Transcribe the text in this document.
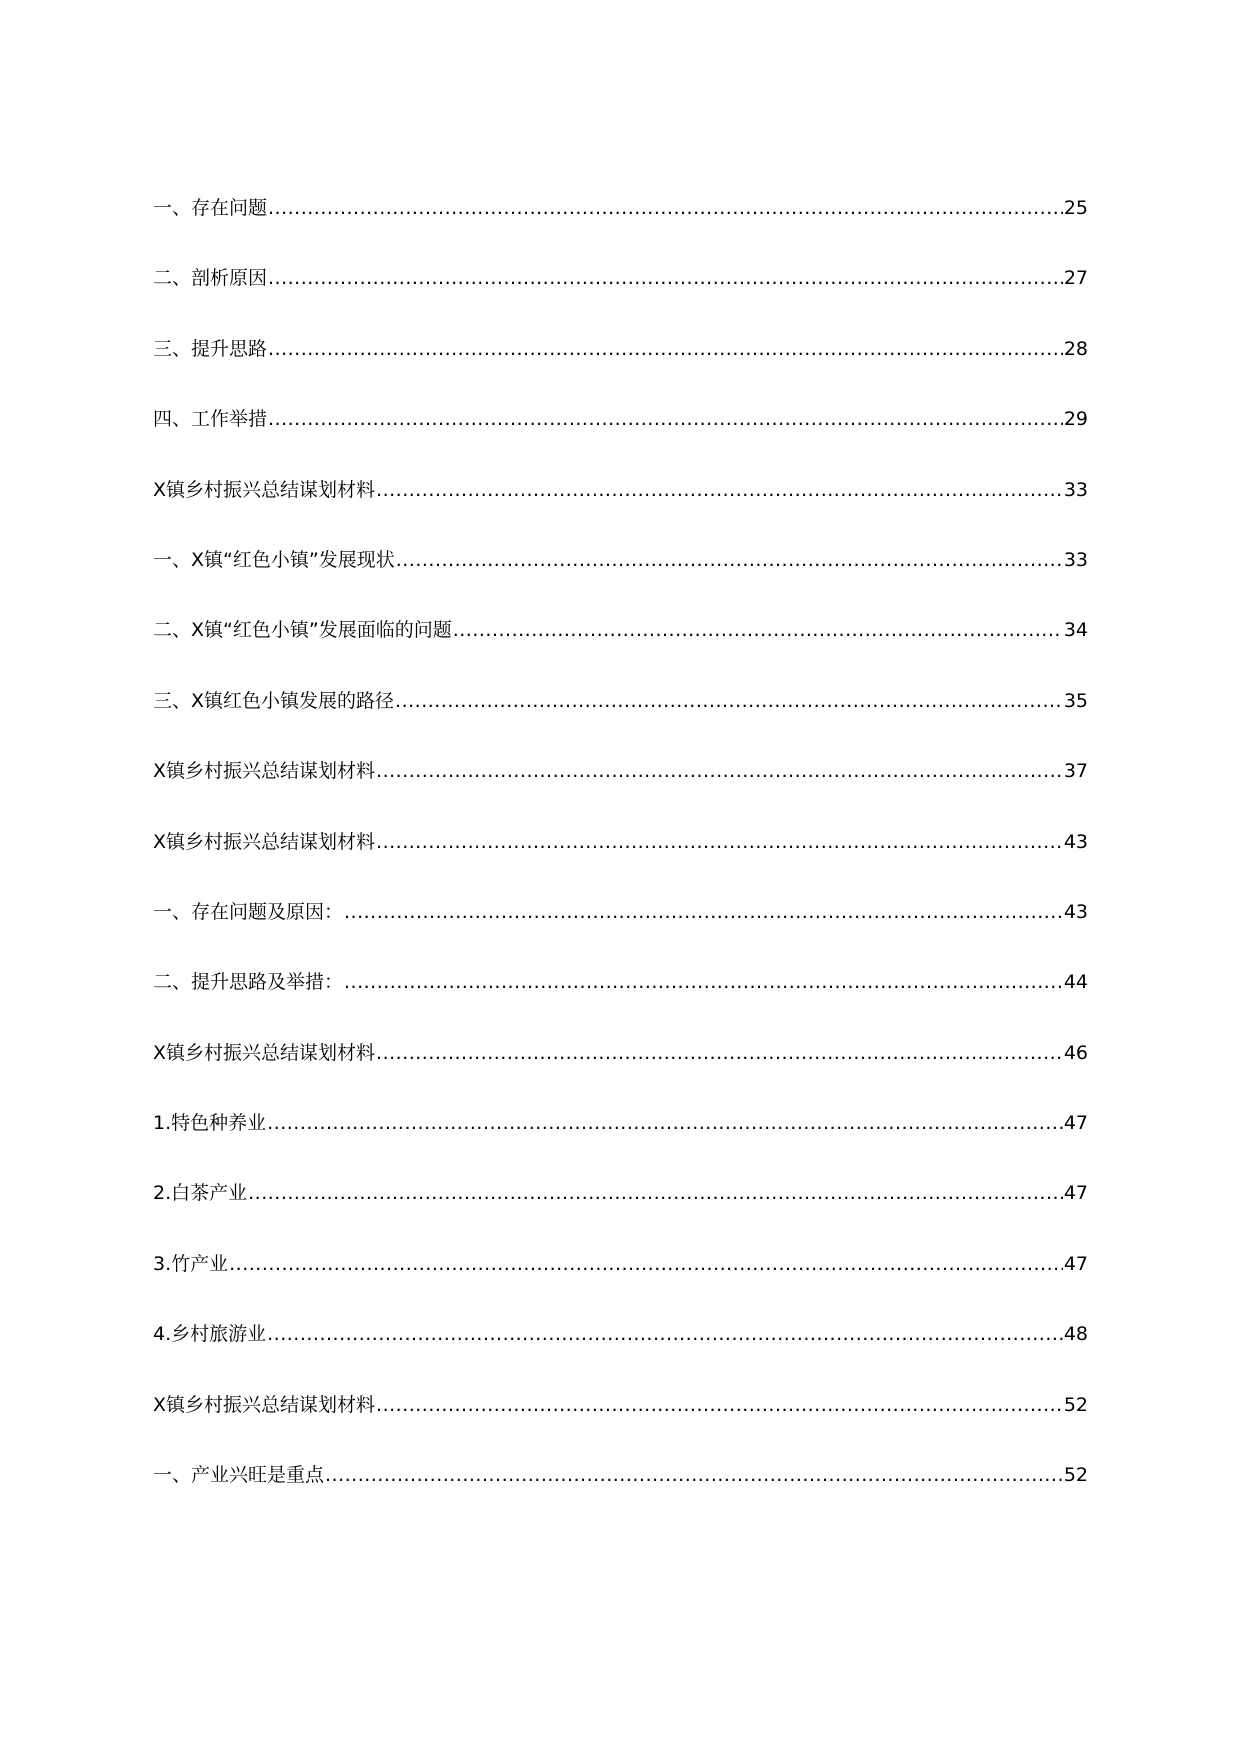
一、存在问题 .....	25
二、剖析原因 .....	27
三、提升思路 .....	28
四、工作举措 .....	29
X镇乡村振兴总结谋划材料 .....	33
一、X镇“红色小镇”发展现状 .....	33
二、X镇“红色小镇”发展面临的问题 .....	34
三、X镇红色小镇发展的路径 .....	35
X镇乡村振兴总结谋划材料 .....	37
X镇乡村振兴总结谋划材料 .....	43
一、存在问题及原因： .....	43
二、提升思路及举措： .....	44
X镇乡村振兴总结谋划材料 .....	46
1.特色种养业 .....	47
2.白茶产业 .....	47
3.竹产业 .....	47
4.乡村旅游业 .....	48
X镇乡村振兴总结谋划材料 .....	52
一、产业兴旺是重点 .....	52
